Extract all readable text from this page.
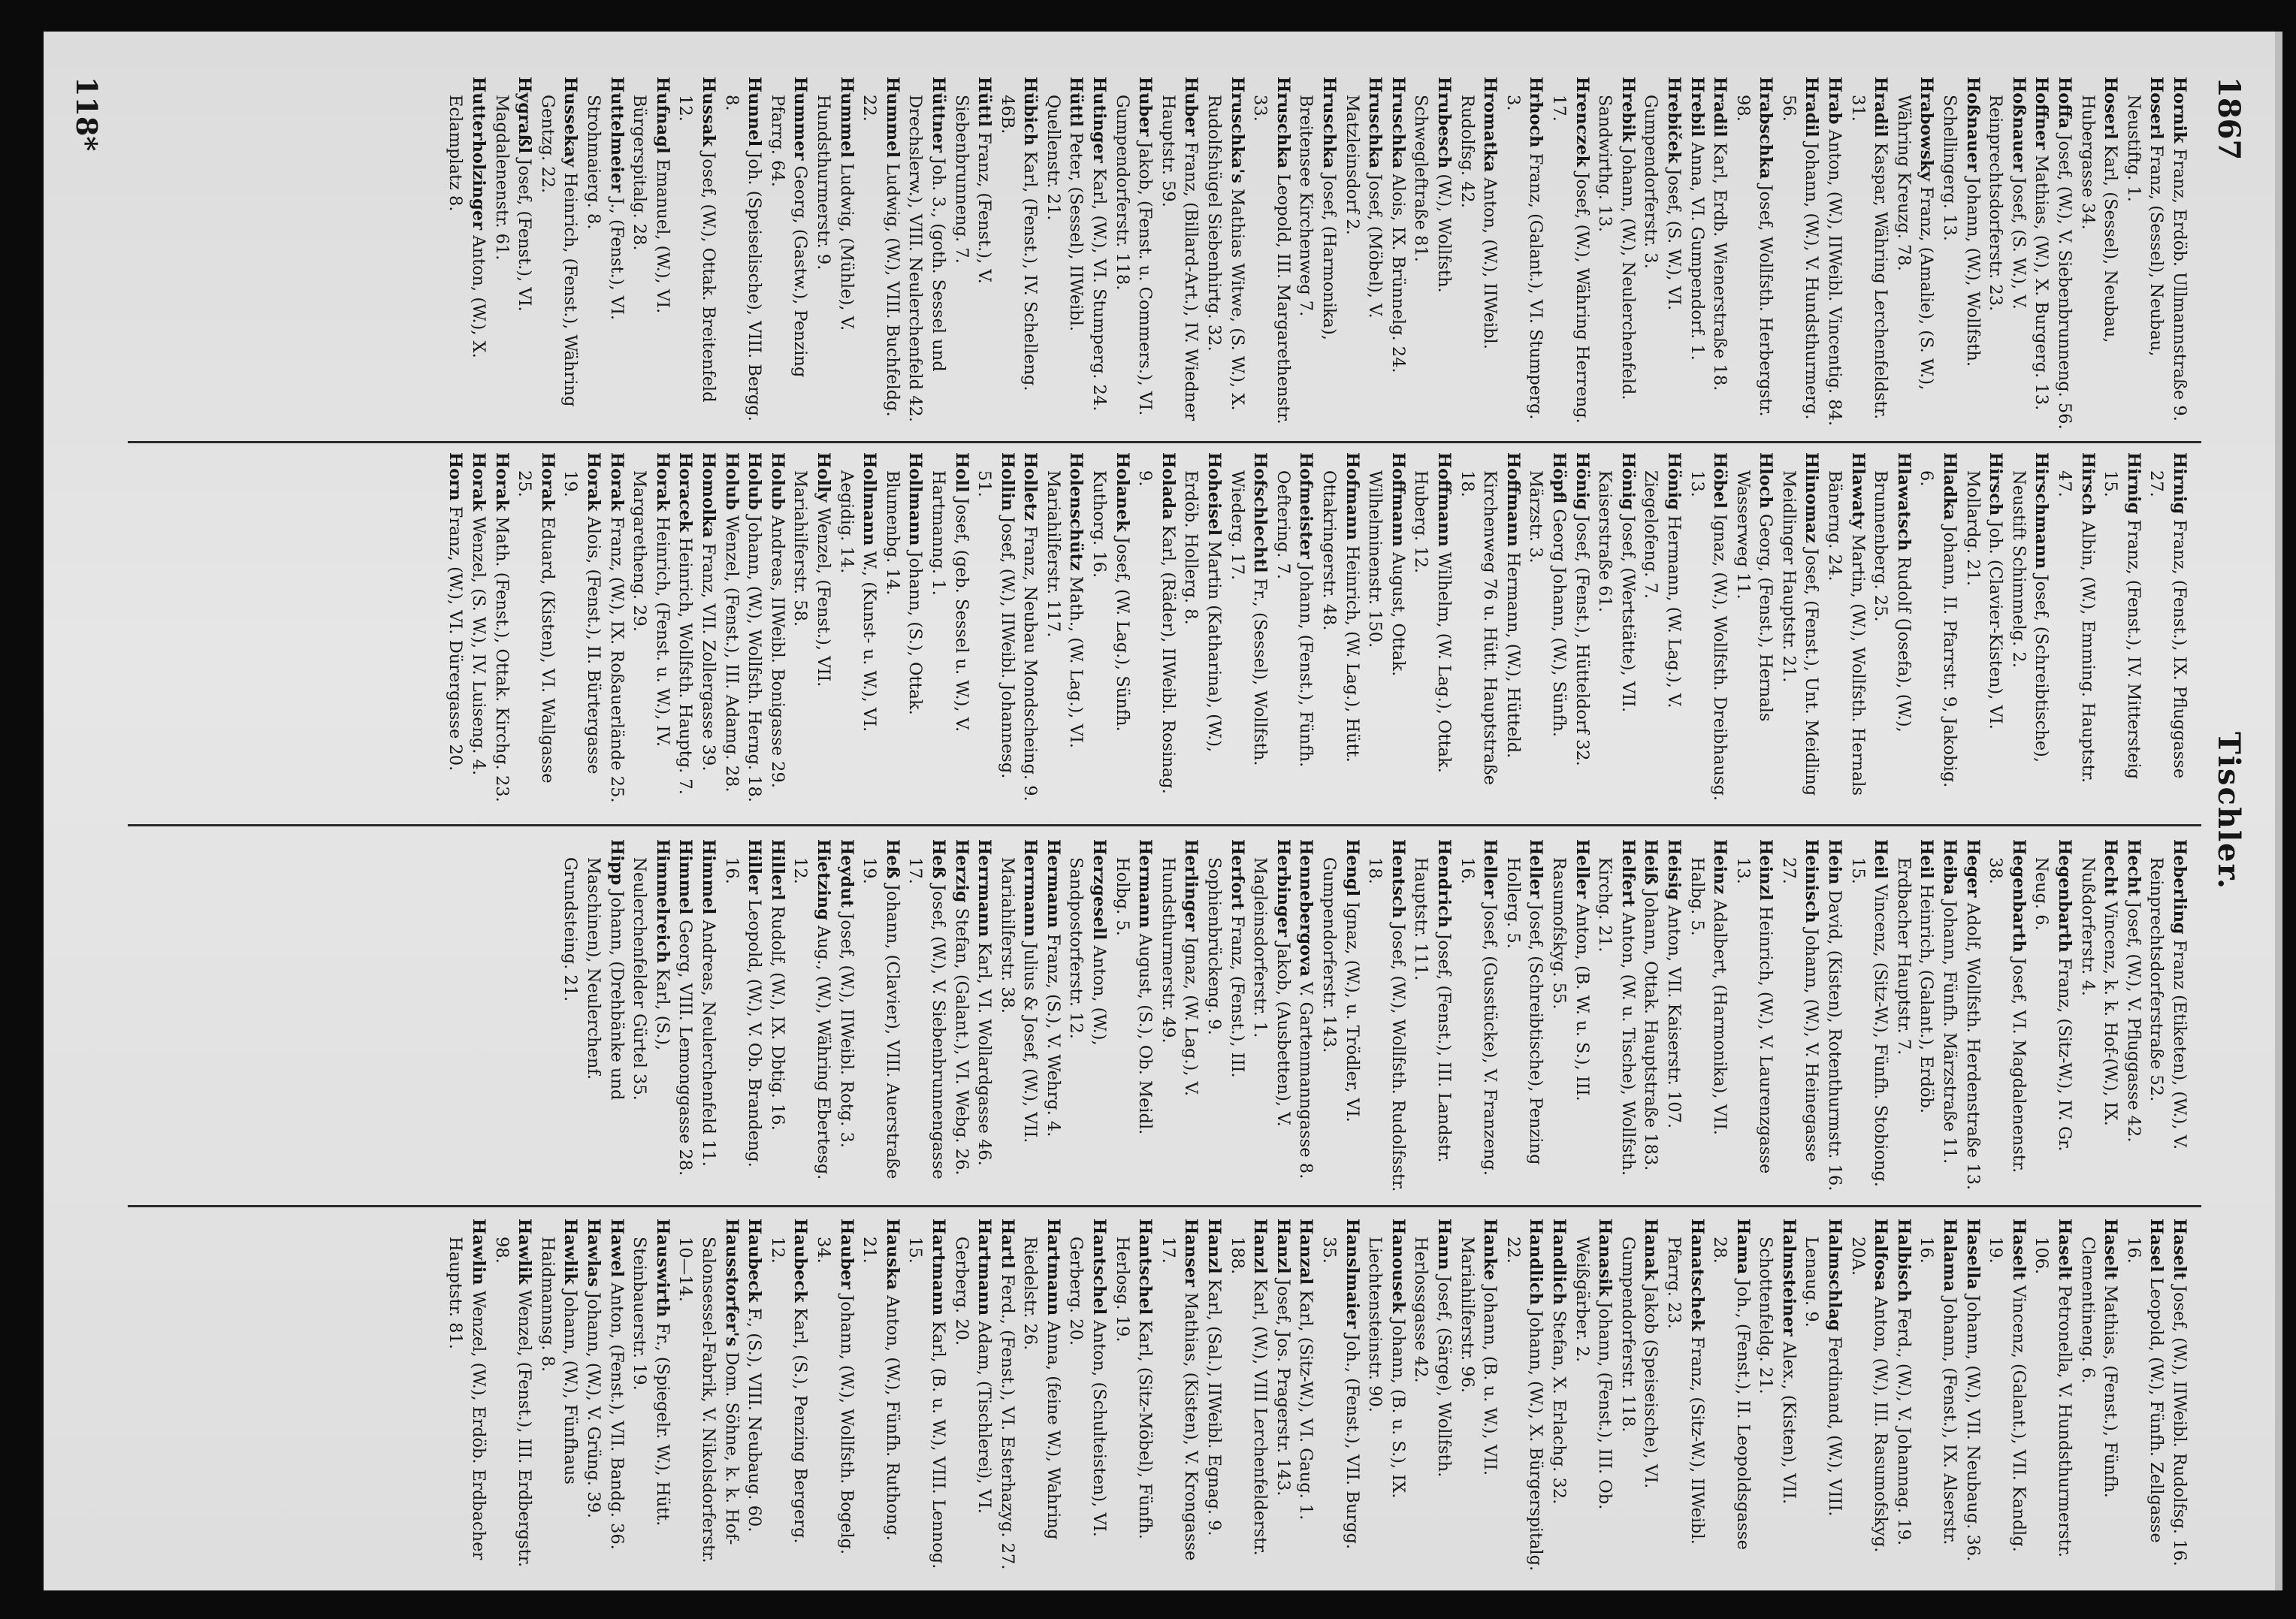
1867
Tischler.

Hornik Franz, Erdöb. Ullmannstraße 9.

Hoserl Franz, (Sessel), Neubau, Neustiftg. 1.

Hoserl Karl, (Sessel), Neubau, Hubergasse 34.

Hoffa Josef, (W.), V. Siebenbrunneng. 56.

Hoffner Mathias, (W.), X. Burgerg. 13.

Hoßnauer Josef, (S. W.), V. Reinprechtsdorferstr. 23.

Hoßnauer Johann, (W.), Wollfsth. Schellingerg. 13.

Hrabowsky Franz, (Amalie), (S. W.), Währing Kreuzg. 78.

Hradil Kaspar, Währing Lerchenfeldstr. 31.

Hrab Anton, (W.), IIWeibl. Vincentig. 84.

Hradil Johann, (W.), V. Hundsthurmerg. 56.

Hrabschka Josef, Wollfsth. Herbergstr. 98.

Hradil Karl, Erdb. Wienerstraße 18.

Hrebil Anna, VI. Gumpendorf. 1.

Hrebiček Josef, (S. W.), VI. Gumpendorferstr. 3.

Hrebik Johann, (W.), Neulerchenfeld. Sandwirthg. 13.

Hrenczek Josef, (W.), Währing Herreng. 17.

Hrhoch Franz, (Galant.), VI. Stumperg. 3.

Hromatka Anton, (W.), IIWeibl. Rudolfsg. 42.

Hrubesch (W.), Wollfsth. Schwegleftraße 81.

Hruschka Alois, IX. Brünnelg. 24.

Hruschka Josef, (Möbel), V. Matzleinsdorf 2.

Hruschka Josef, (Harmonika), Breitensee Kirchenweg 7.

Hruschka Leopold, III. Margarethenstr. 33.

Hruschka's Mathias Witwe, (S. W.), X. Rudolfshügel Siebenhirtg. 32.

Huber Franz, (Billard-Art.), IV. Wiedner Hauptstr. 59.

Huber Jakob, (Fenst. u. Commers.), VI. Gumpendorferstr. 118.

Hutinger Karl, (W.), VI. Stumperg. 24.

Hüttl Peter, (Sessel), IIWeibl. Quellenstr. 21.

Hübich Karl, (Fenst.), IV. Schelleng. 46B.

Hüttl Franz, (Fenst.), V. Siebenbrunneng. 7.

Hüttner Joh. 3., (goth. Sessel und Drechslerw.), VIII. Neulerchenfeld 42.

Hummel Ludwig, (W.), VIII. Buchfeldg. 22.

Hummel Ludwig, (Mühle), V. Hundsthurmerstr. 9.

Hummer Georg, (Gastw.), Penzing Pfarrg. 64.

Hunnel Joh. (Speiselische), VIII. Bergg. 8.

Hussak Josef, (W.), Ottak. Breitenfeld 12.

Hufnagl Emanuel, (W.), VI. Bürgerspitalg. 28.

Huttelmeier J., (Fenst.), VI. Strohmaierg. 8.

Hussekay Heinrich, (Fenst.), Währing Gentzg. 22.

Hygraßl Josef, (Fenst.), VI. Magdalenenstr. 61.

Hutterholzinger Anton, (W.), X. Eclamplatz 8.

Hirnig Franz, (Fenst.), IX. Pfluggasse 27.

Hirnig Franz, (Fenst.), IV. Mittersteig 15.

Hirsch Albin, (W.), Emming. Hauptstr. 47.

Hirschmann Josef, (Schreibtische), Neustift Schimmelg. 2.

Hirsch Joh. (Clavier-Kisten), VI. Mollardg. 21.

Hladka Johann, II. Pfarrstr. 9, Jakobig. 6.

Hlawatsch Rudolf (Josefa), (W.), Brunnenberg. 25.

Hlawaty Martin, (W.), Wollfsth. Hernals Bänerng. 24.

Hlinomaz Josef, (Fenst.), Unt. Meidling Meidlinger Hauptstr. 21.

Hloch Georg, (Fenst.), Hernals Wasserweg 11.

Höbel Ignaz, (W.), Wollfsth. Dreibhausg. 13.

Hönig Hermann, (W. Lag.), V. Ziegelofeng. 7.

Hönig Josef, (Wertstätte), VII. Kaiserstraße 61.

Hönig Josef, (Fenst.), Hütteldorf 32.

Höpfl Georg Johann, (W.), Sünfh. Märzstr. 3.

Hoffmann Hermann, (W.), Hütteld. Kirchenweg 76 u. Hütt. Hauptstraße 18.

Hoffmann Wilhelm, (W. Lag.), Ottak. Huberg. 12.

Hoffmann August, Ottak. Wilhelminenstr. 150.

Hofmann Heinrich, (W. Lag.), Hütt. Ottakringerstr. 48.

Hofmeister Johann, (Fenst.), Fünfh. Oeftering. 7.

Hofschlechtl Fr., (Sessel), Wollfsth. Wiederg. 17.

Hoheisel Martin (Katharina), (W.), Erdöb. Hollerg. 8.

Holada Karl, (Räder), IIWeibl. Rosinag. 9.

Holanek Josef, (W. Lag.), Sünfh. Kuthorg. 16.

Holenschütz Math., (W. Lag.), VI. Mariahilferstr. 117.

Holletz Franz, Neubau Mondscheing. 9.

Hollin Josef, (W.), IIWeibl. Johannesg. 51.

Holl Josef, (geb. Sessel u. W.), V. Hartmanng. 1.

Hollmann Johann, (S.), Ottak. Blumenbg. 14.

Hollmann W., (Kunst- u. W.), VI. Aegidig. 14.

Holly Wenzel, (Fenst.), VII. Mariahilferstr. 58.

Holub Andreas, IIWeibl. Bonigasse 29.

Holub Johann, (W.), Wollfsth. Herng. 18.

Holub Wenzel, (Fenst.), III. Adamg. 28.

Homolka Franz, VII. Zollergasse 39.

Horacek Heinrich, Wollfsth. Hauptg. 7.

Horak Heinrich, (Fenst. u. W.), IV. Margaretheng. 29.

Horak Franz, (W.), IX. Roßauerlände 25.

Horak Alois, (Fenst.), II. Bürtergasse 19.

Horak Eduard, (Kisten), VI. Wallgasse 25.

Horak Math. (Fenst.), Ottak. Kirchg. 23.

Horak Wenzel, (S. W.), IV. Luiseng. 4.

Horn Franz, (W.), VI. Dürergasse 20.

Heberling Franz (Etiketen), (W.), V. Reinprechtsdorferstraße 52.

Hecht Josef, (W.), V. Pfluggasse 42.

Hecht Vincenz, k. k. Hof-(W.), IX. Nußdorferstr. 4.

Hegenbarth Franz, (Sitz-W.), IV. Gr. Neug. 6.

Hegenbarth Josef, VI. Magdalenenstr. 38.

Heger Adolf, Wollfsth. Herdenstraße 13.

Heiba Johann, Fünfh. Märzstraße 11.

Heil Heinrich, (Galant.), Erdöb. Erdbacher Hauptstr. 7.

Heil Vincenz, (Sitz-W.), Fünfh. Stobiong. 15.

Hein David, (Kisten), Rotenthurmstr. 16.

Heinisch Johann, (W.), V. Heinegasse 27.

Heinzl Heinrich, (W.), V. Laurenzgasse 13.

Heinz Adalbert, (Harmonika), VII. Halbg. 5.

Heisig Anton, VII. Kaiserstr. 107.

Heiß Johann, Ottak. Hauptstraße 183.

Helfert Anton, (W. u. Tische), Wollfsth. Kirchg. 21.

Heller Anton, (B. W. u. S.), III. Rasumofskyg. 55.

Heller Josef, (Schreibtische), Penzing Hollerg. 5.

Heller Josef, (Gusstücke), V. Franzeng. 16.

Hendrich Josef, (Fenst.), III. Landstr. Hauptstr. 111.

Hentsch Josef, (W.), Wollfsth. Rudolfsstr. 18.

Hengl Ignaz, (W.), u. Trödler, VI. Gumpendorferstr. 143.

Hennebergova V. Gartenmanngasse 8.

Herbinger Jakob, (Ausbetten), V. Magleinsdorferstr. 1.

Herfort Franz, (Fenst.), III. Sophienbrückeng. 9.

Herlinger Ignaz, (W. Lag.), V. Hundsthurmerstr. 49.

Hermann August, (S.), Ob. Meidl. Holbg. 5.

Herzgesell Anton, (W.), Sandpostorferstr. 12.

Hermann Franz, (S.), V. Wehrg. 4.

Herrmann Julius & Josef, (W.), VII. Mariahilferstr. 38.

Herrmann Karl, VI. Wollardgasse 46.

Herzig Stefan, (Galant.), VI. Webg. 26.

Heß Josef, (W.), V. Siebenbrunnengasse 17.

Heß Johann, (Clavier), VIII. Auerstraße 19.

Heydut Josef, (W.), IIWeibl. Rotg. 3.

Hietzing Aug., (W.), Währing Ebertesg. 12.

Hillerl Rudolf, (W.), IX. Dbtig. 16.

Hiller Leopold, (W.), V. Ob. Brandeng. 16.

Himmel Andreas, Neulerchenfeld 11.

Himmel Georg, VIII. Lemonggasse 28.

Himmelreich Karl, (S.), Neulerchenfelder Gürtel 35.

Hipp Johann, (Drehbänke und Maschinen), Neulerchenf. Grundsteing. 21.

Haselt Josef, (W.), IIWeibl. Rudolfsg. 16.

Hasel Leopold, (W.), Fünfh. Zellgasse 16.

Haselt Mathias, (Fenst.), Fünfh. Clementineng. 6.

Haselt Petronella, V. Hundsthurmerstr. 106.

Haselt Vincenz, (Galant.), VII. Kandlg. 19.

Hasella Johann, (W.), VII. Neubaug. 36.

Halama Johann, (Fenst.), IX. Alserstr. 16.

Halbisch Ferd., (W.), V. Johannag. 19.

Halfosa Anton, (W.), III. Rasumofskyg. 20A.

Halmschlag Ferdinand, (W.), VIII. Lenaug. 9.

Halmsteiner Alex., (Kisten), VII. Schottenfeldg. 21.

Hama Joh., (Fenst.), II. Leopoldsgasse 28.

Hanatschek Franz, (Sitz-W.), IIWeibl. Pfarrg. 23.

Hanak Jakob (Speiseische), VI. Gumpendorferstr. 118.

Hanasik Johann, (Fenst.), III. Ob. Weißgärber. 2.

Handlich Stefan, X. Erlachg. 32.

Handlich Johann, (W.), X. Bürgerspitalg. 22.

Hanke Johann, (B. u. W.), VII. Mariahilferstr. 96.

Hann Josef, (Särge), Wollfsth. Herlossgasse 42.

Hanousek Johann, (B. u. S.), IX. Liechtensteinstr. 90.

Hanslmaier Joh., (Fenst.), VII. Burgg. 35.

Hanzal Karl, (Sitz-W.), VI. Gaug. 1.

Hanzl Josef, Jos. Pragerstr. 143.

Hanzl Karl, (W.), VIII Lerchenfelderstr. 188.

Hanzl Karl, (Sal.), IIWeibl. Egnag. 9.

Hanser Mathias, (Kisten), V. Krongasse 17.

Hantschel Karl, (Sitz-Möbel), Fünfh. Herlosg. 19.

Hantschel Anton, (Schulteisten), VI. Gerberg. 20.

Hartmann Anna, (feine W.), Wahring Riedelstr. 26.

Hartl Ferd., (Fenst.), VI. Esterhazyg. 27.

Hartmann Adam, (Tischlerei), VI. Gerberg. 20.

Hartmann Karl, (B. u. W.), VIII. Lennog. 15.

Hauska Anton, (W.), Fünfh. Ruthong. 21.

Hauber Johann, (W.), Wollfsth. Bogelg. 34.

Haubeck Karl, (S.), Penzing Bergerg. 12.

Haubeck F., (S.), VIII. Neubaug. 60.

Hausstorfer's Dom. Söhne, k. k. Hof-Salonsessel-Fabrik, V. Nikolsdorferstr. 10—14.

Hauswirth Fr., (Spiegelr. W.), Hütt. Steinbauerstr. 19.

Hawel Anton, (Fenst.), VII. Bandg. 36.

Hawlas Johann, (W.), V. Grüng. 39.

Hawlik Johann, (W.), Fünfhaus Haidmannsg. 8.

Hawlik Wenzel, (Fenst.), III. Erdbergstr. 98.

Hawlin Wenzel, (W.), Erdöb. Erdbacher Hauptstr. 81.

118*
